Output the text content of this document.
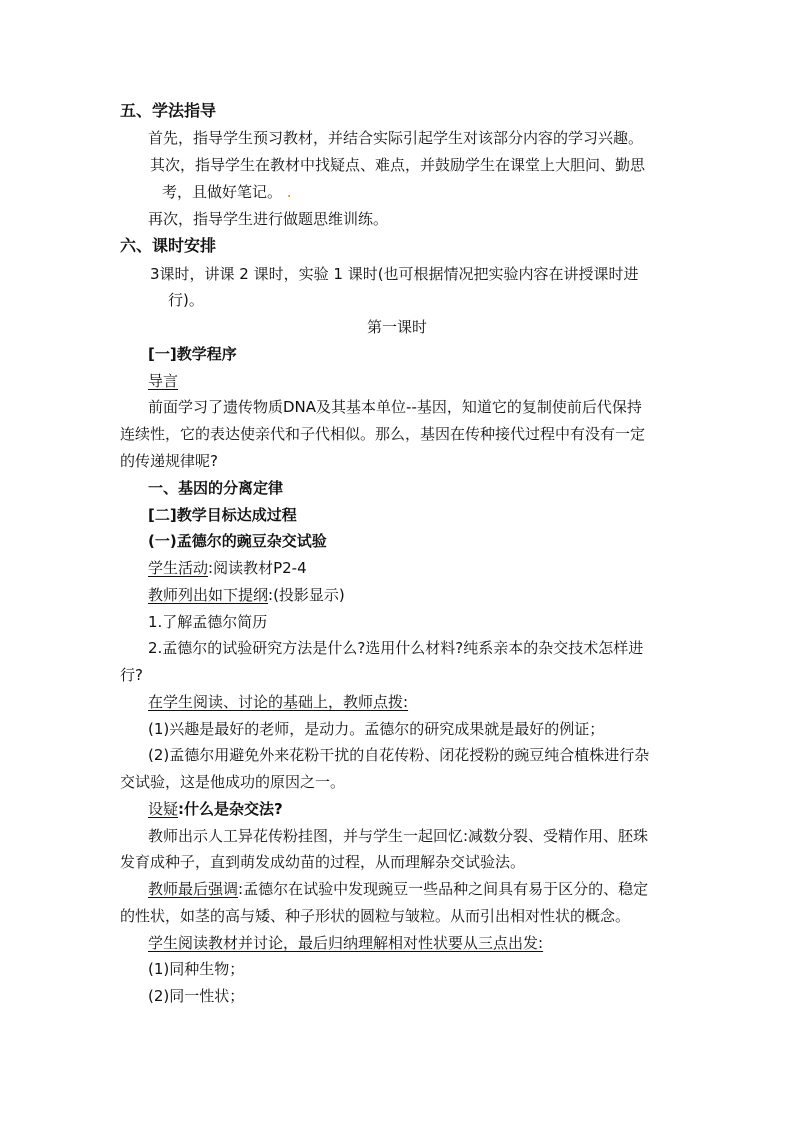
五、学法指导
首先，指导学生预习教材，并结合实际引起学生对该部分内容的学习兴趣。
其次，指导学生在教材中找疑点、难点，并鼓励学生在课堂上大胆问、勤思
考，且做好笔记。 .
再次，指导学生进行做题思维训练。
六、课时安排
3课时，讲课 2 课时，实验 1 课时(也可根据情况把实验内容在讲授课时进
行)。
第一课时
[一]教学程序
导言
前面学习了遗传物质DNA及其基本单位--基因，知道它的复制使前后代保持
连续性，它的表达使亲代和子代相似。那么，基因在传种接代过程中有没有一定
的传递规律呢?
一、基因的分离定律
[二]教学目标达成过程
(一)孟德尔的豌豆杂交试验
学生活动:阅读教材P2-4
教师列出如下提纲:(投影显示)
1.了解孟德尔简历
2.孟德尔的试验研究方法是什么?选用什么材料?纯系亲本的杂交技术怎样进
行?
在学生阅读、讨论的基础上，教师点拨:
(1)兴趣是最好的老师，是动力。孟德尔的研究成果就是最好的例证；
(2)孟德尔用避免外来花粉干扰的自花传粉、闭花授粉的豌豆纯合植株进行杂
交试验，这是他成功的原因之一。
设疑:什么是杂交法?
教师出示人工异花传粉挂图，并与学生一起回忆:减数分裂、受精作用、胚珠
发育成种子，直到萌发成幼苗的过程，从而理解杂交试验法。
教师最后强调:孟德尔在试验中发现豌豆一些品种之间具有易于区分的、稳定
的性状，如茎的高与矮、种子形状的圆粒与皱粒。从而引出相对性状的概念。
学生阅读教材并讨论，最后归纳理解相对性状要从三点出发:
(1)同种生物；
(2)同一性状；
